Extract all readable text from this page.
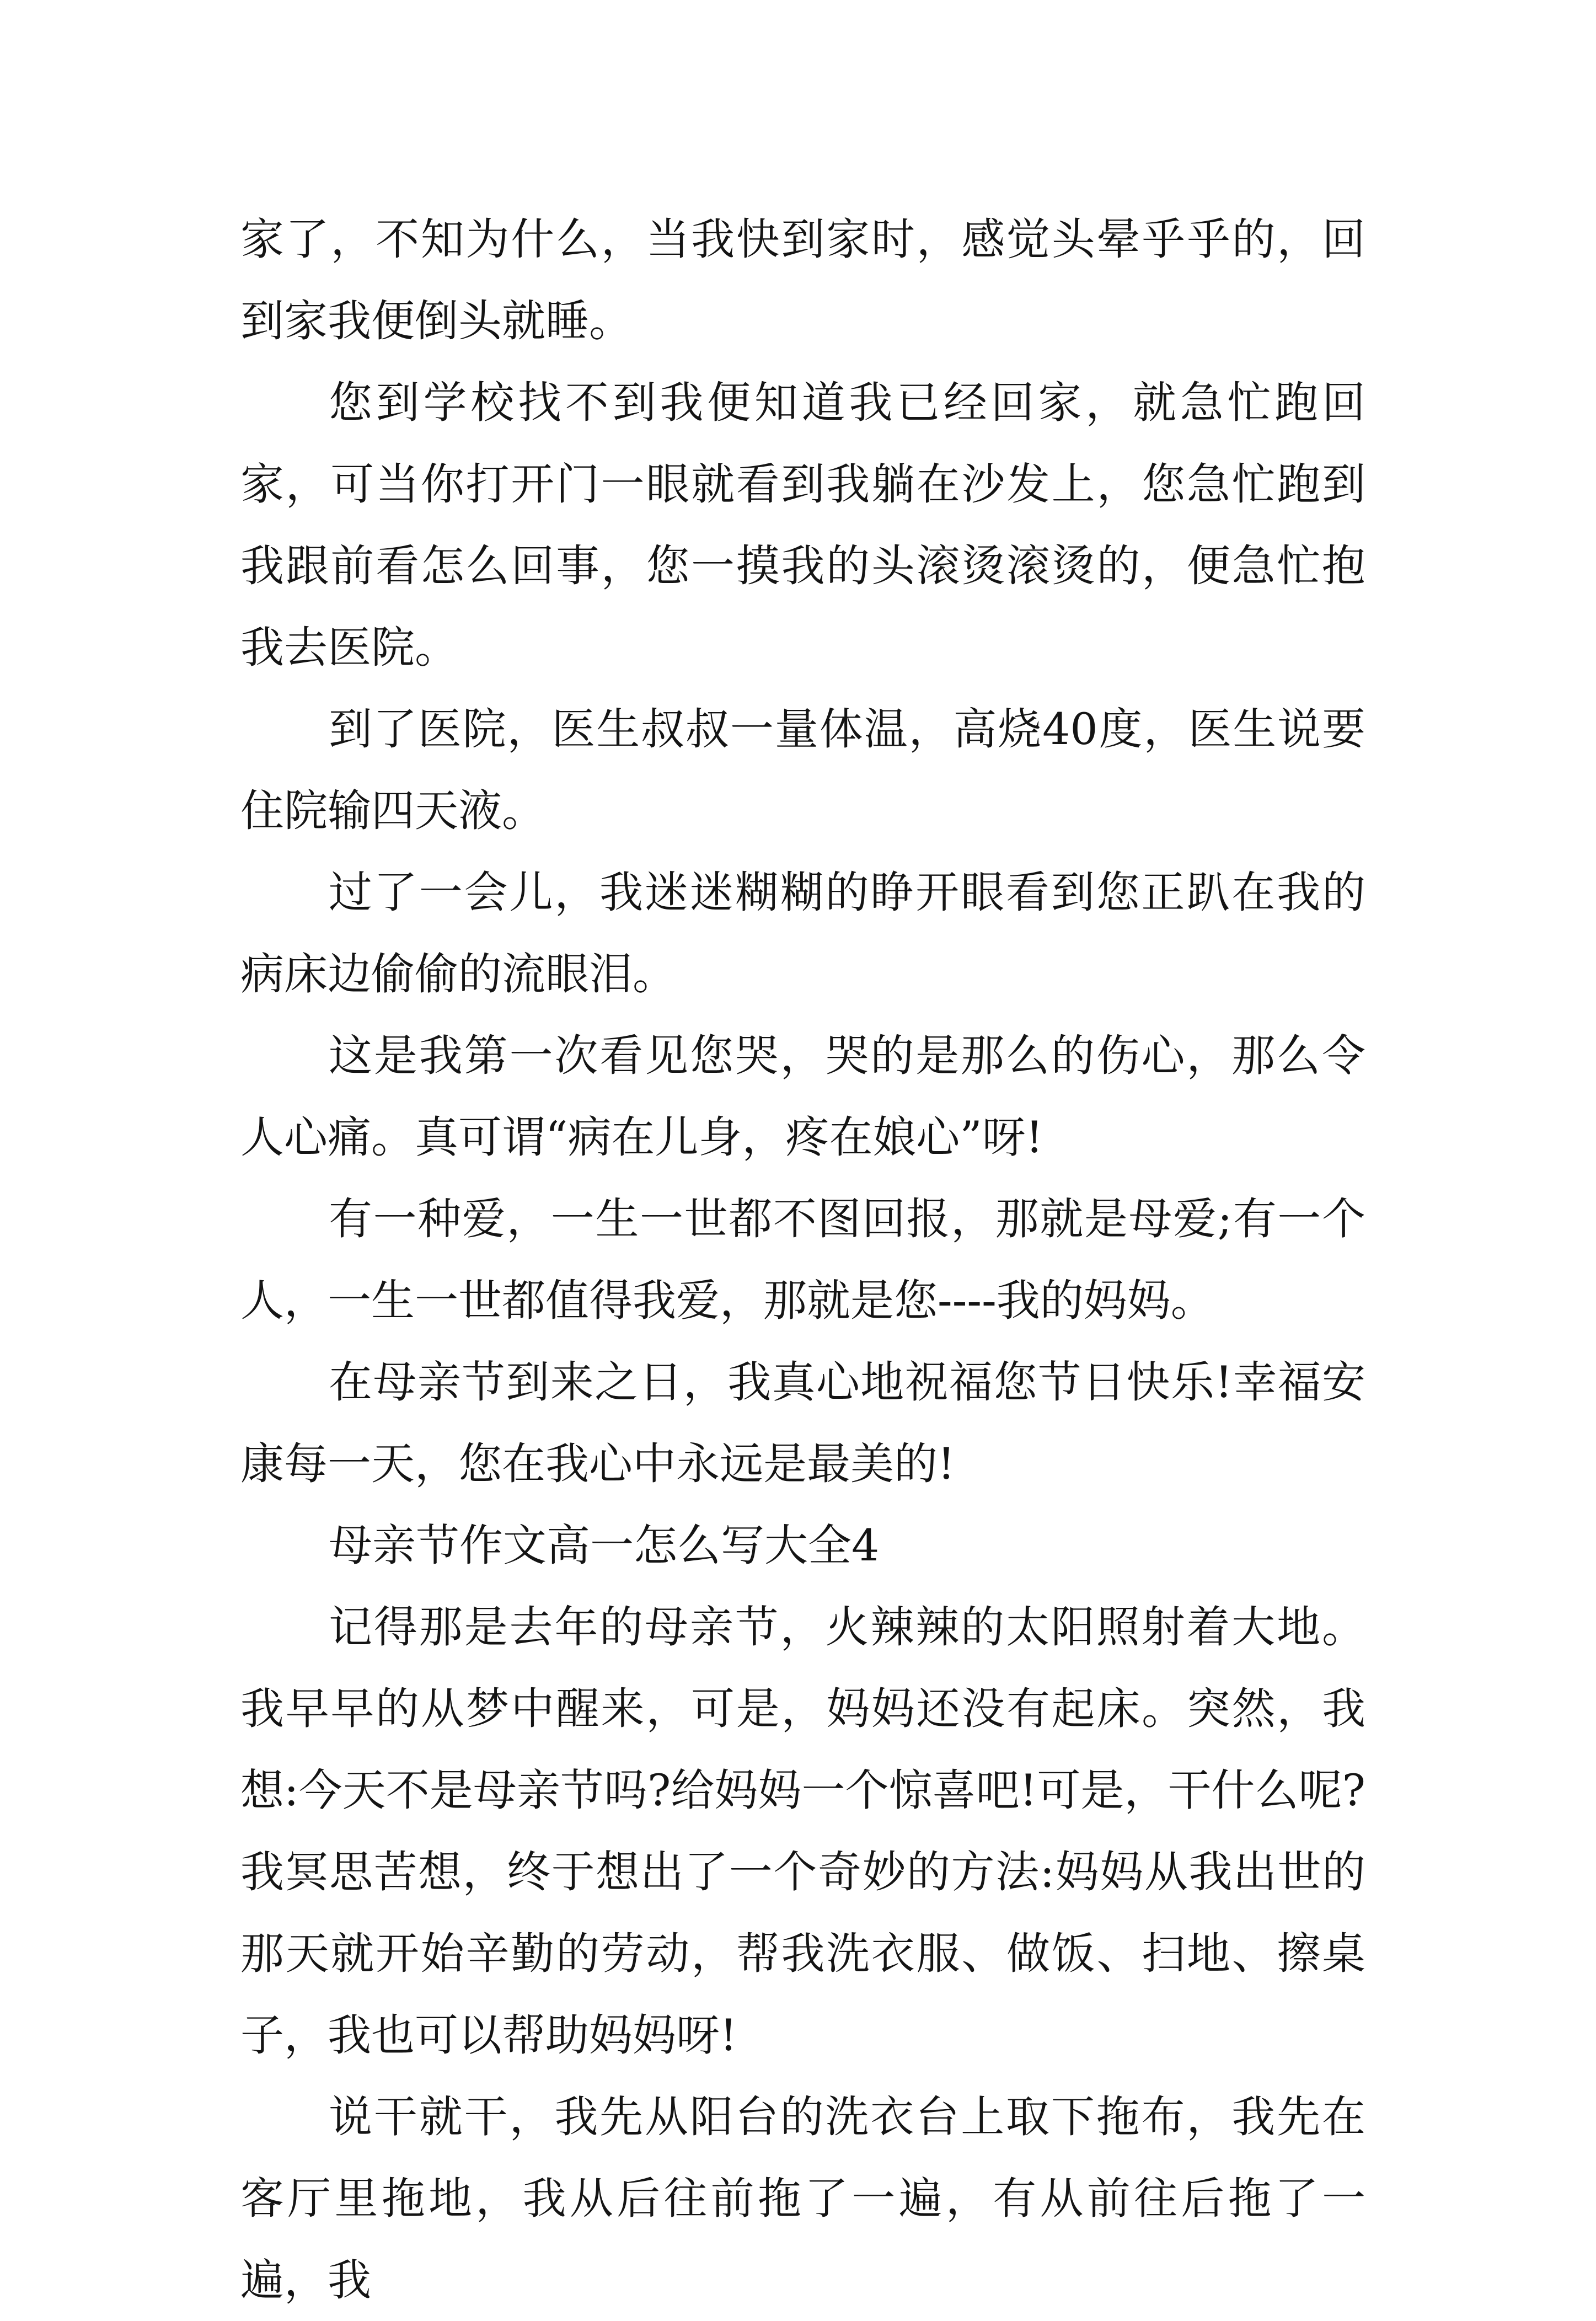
家了，不知为什么，当我快到家时，感觉头晕乎乎的，回到家我便倒头就睡。

您到学校找不到我便知道我已经回家，就急忙跑回家，可当你打开门一眼就看到我躺在沙发上，您急忙跑到我跟前看怎么回事，您一摸我的头滚烫滚烫的，便急忙抱我去医院。

到了医院，医生叔叔一量体温，高烧40度，医生说要住院输四天液。

过了一会儿，我迷迷糊糊的睁开眼看到您正趴在我的病床边偷偷的流眼泪。

这是我第一次看见您哭，哭的是那么的伤心，那么令人心痛。真可谓“病在儿身，疼在娘心”呀!

有一种爱，一生一世都不图回报，那就是母爱;有一个人，一生一世都值得我爱，那就是您----我的妈妈。

在母亲节到来之日，我真心地祝福您节日快乐!幸福安康每一天，您在我心中永远是最美的!

母亲节作文高一怎么写大全4

记得那是去年的母亲节，火辣辣的太阳照射着大地。我早早的从梦中醒来，可是，妈妈还没有起床。突然，我想:今天不是母亲节吗?给妈妈一个惊喜吧!可是，干什么呢?我冥思苦想，终于想出了一个奇妙的方法:妈妈从我出世的那天就开始辛勤的劳动，帮我洗衣服、做饭、扫地、擦桌子，我也可以帮助妈妈呀!

说干就干，我先从阳台的洗衣台上取下拖布，我先在客厅里拖地，我从后往前拖了一遍，有从前往后拖了一遍，我
